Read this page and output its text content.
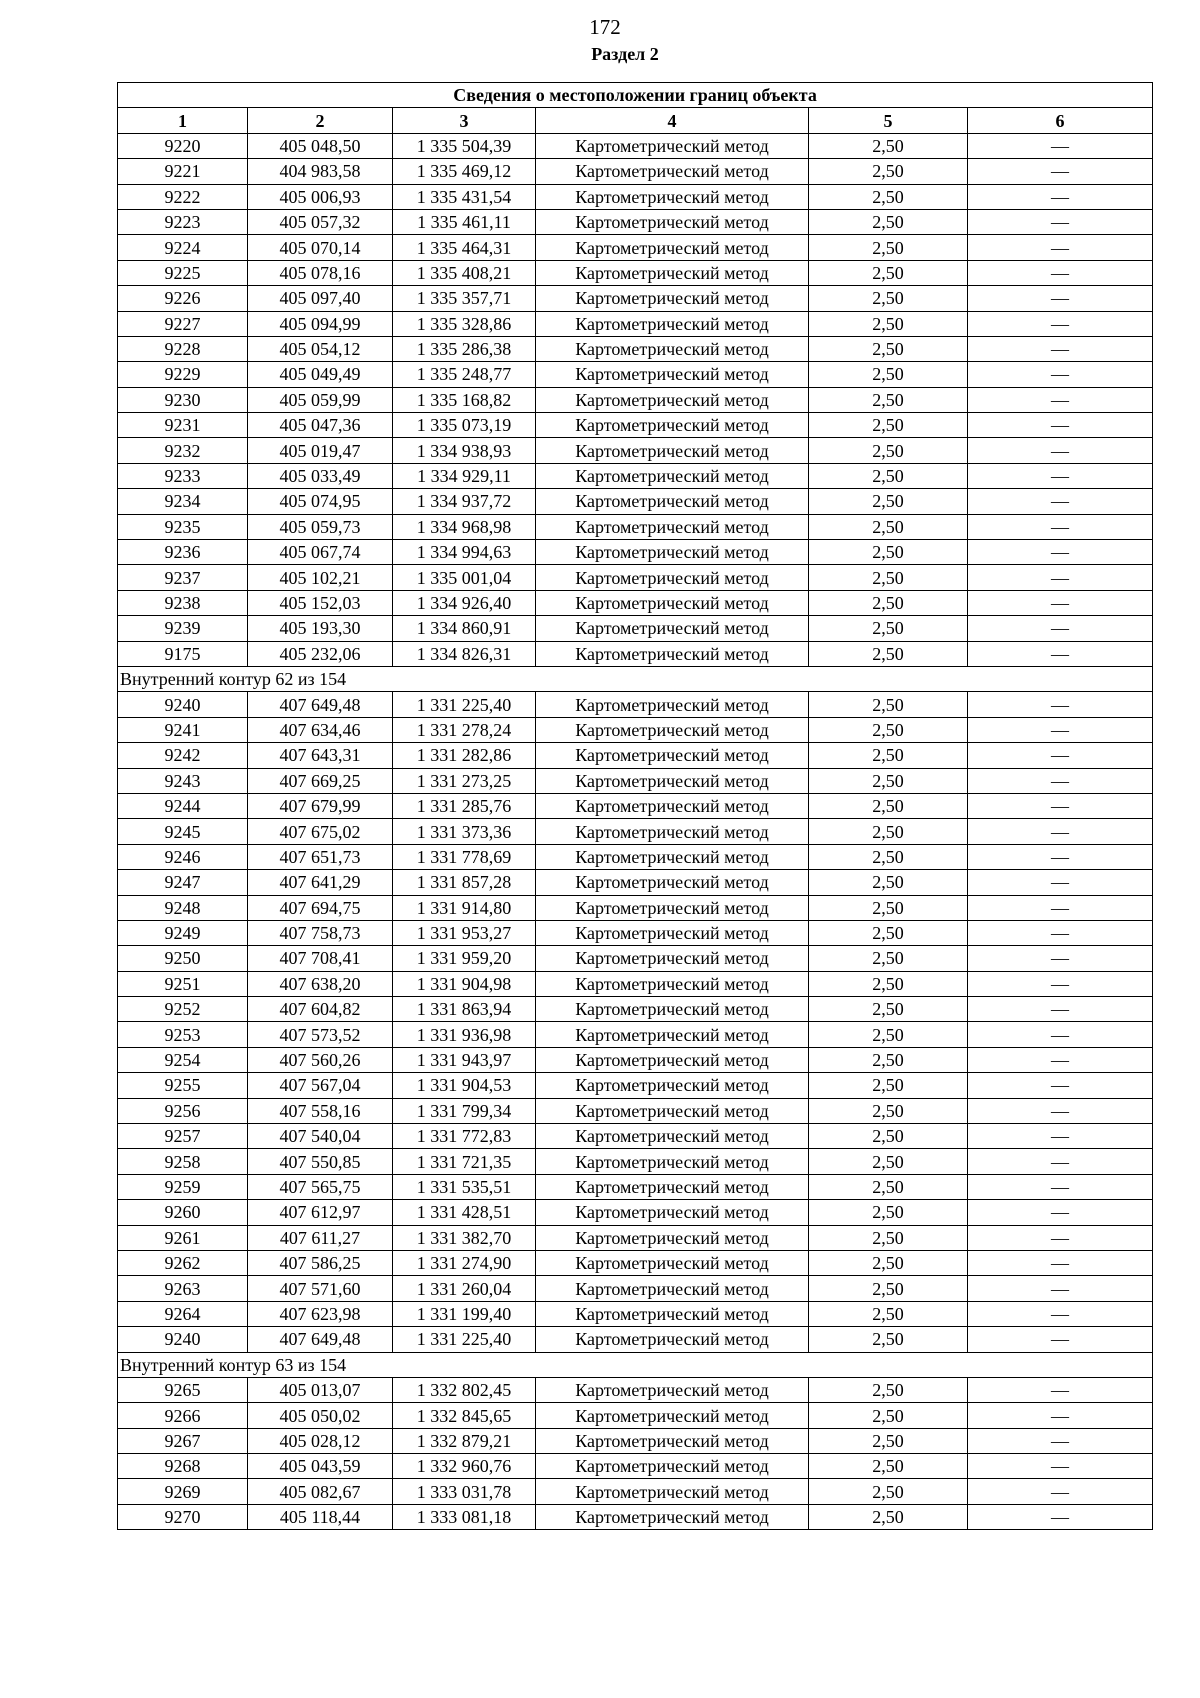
172
Раздел 2
Сведения о местоположении границ объекта					
1	2	3	4	5	6
9220	405 048,50	1 335 504,39	Картометрический метод	2,50	—
9221	404 983,58	1 335 469,12	Картометрический метод	2,50	—
9222	405 006,93	1 335 431,54	Картометрический метод	2,50	—
9223	405 057,32	1 335 461,11	Картометрический метод	2,50	—
9224	405 070,14	1 335 464,31	Картометрический метод	2,50	—
9225	405 078,16	1 335 408,21	Картометрический метод	2,50	—
9226	405 097,40	1 335 357,71	Картометрический метод	2,50	—
9227	405 094,99	1 335 328,86	Картометрический метод	2,50	—
9228	405 054,12	1 335 286,38	Картометрический метод	2,50	—
9229	405 049,49	1 335 248,77	Картометрический метод	2,50	—
9230	405 059,99	1 335 168,82	Картометрический метод	2,50	—
9231	405 047,36	1 335 073,19	Картометрический метод	2,50	—
9232	405 019,47	1 334 938,93	Картометрический метод	2,50	—
9233	405 033,49	1 334 929,11	Картометрический метод	2,50	—
9234	405 074,95	1 334 937,72	Картометрический метод	2,50	—
9235	405 059,73	1 334 968,98	Картометрический метод	2,50	—
9236	405 067,74	1 334 994,63	Картометрический метод	2,50	—
9237	405 102,21	1 335 001,04	Картометрический метод	2,50	—
9238	405 152,03	1 334 926,40	Картометрический метод	2,50	—
9239	405 193,30	1 334 860,91	Картометрический метод	2,50	—
9175	405 232,06	1 334 826,31	Картометрический метод	2,50	—
Внутренний контур 62 из 154					
9240	407 649,48	1 331 225,40	Картометрический метод	2,50	—
9241	407 634,46	1 331 278,24	Картометрический метод	2,50	—
9242	407 643,31	1 331 282,86	Картометрический метод	2,50	—
9243	407 669,25	1 331 273,25	Картометрический метод	2,50	—
9244	407 679,99	1 331 285,76	Картометрический метод	2,50	—
9245	407 675,02	1 331 373,36	Картометрический метод	2,50	—
9246	407 651,73	1 331 778,69	Картометрический метод	2,50	—
9247	407 641,29	1 331 857,28	Картометрический метод	2,50	—
9248	407 694,75	1 331 914,80	Картометрический метод	2,50	—
9249	407 758,73	1 331 953,27	Картометрический метод	2,50	—
9250	407 708,41	1 331 959,20	Картометрический метод	2,50	—
9251	407 638,20	1 331 904,98	Картометрический метод	2,50	—
9252	407 604,82	1 331 863,94	Картометрический метод	2,50	—
9253	407 573,52	1 331 936,98	Картометрический метод	2,50	—
9254	407 560,26	1 331 943,97	Картометрический метод	2,50	—
9255	407 567,04	1 331 904,53	Картометрический метод	2,50	—
9256	407 558,16	1 331 799,34	Картометрический метод	2,50	—
9257	407 540,04	1 331 772,83	Картометрический метод	2,50	—
9258	407 550,85	1 331 721,35	Картометрический метод	2,50	—
9259	407 565,75	1 331 535,51	Картометрический метод	2,50	—
9260	407 612,97	1 331 428,51	Картометрический метод	2,50	—
9261	407 611,27	1 331 382,70	Картометрический метод	2,50	—
9262	407 586,25	1 331 274,90	Картометрический метод	2,50	—
9263	407 571,60	1 331 260,04	Картометрический метод	2,50	—
9264	407 623,98	1 331 199,40	Картометрический метод	2,50	—
9240	407 649,48	1 331 225,40	Картометрический метод	2,50	—
Внутренний контур 63 из 154					
9265	405 013,07	1 332 802,45	Картометрический метод	2,50	—
9266	405 050,02	1 332 845,65	Картометрический метод	2,50	—
9267	405 028,12	1 332 879,21	Картометрический метод	2,50	—
9268	405 043,59	1 332 960,76	Картометрический метод	2,50	—
9269	405 082,67	1 333 031,78	Картометрический метод	2,50	—
9270	405 118,44	1 333 081,18	Картометрический метод	2,50	—
